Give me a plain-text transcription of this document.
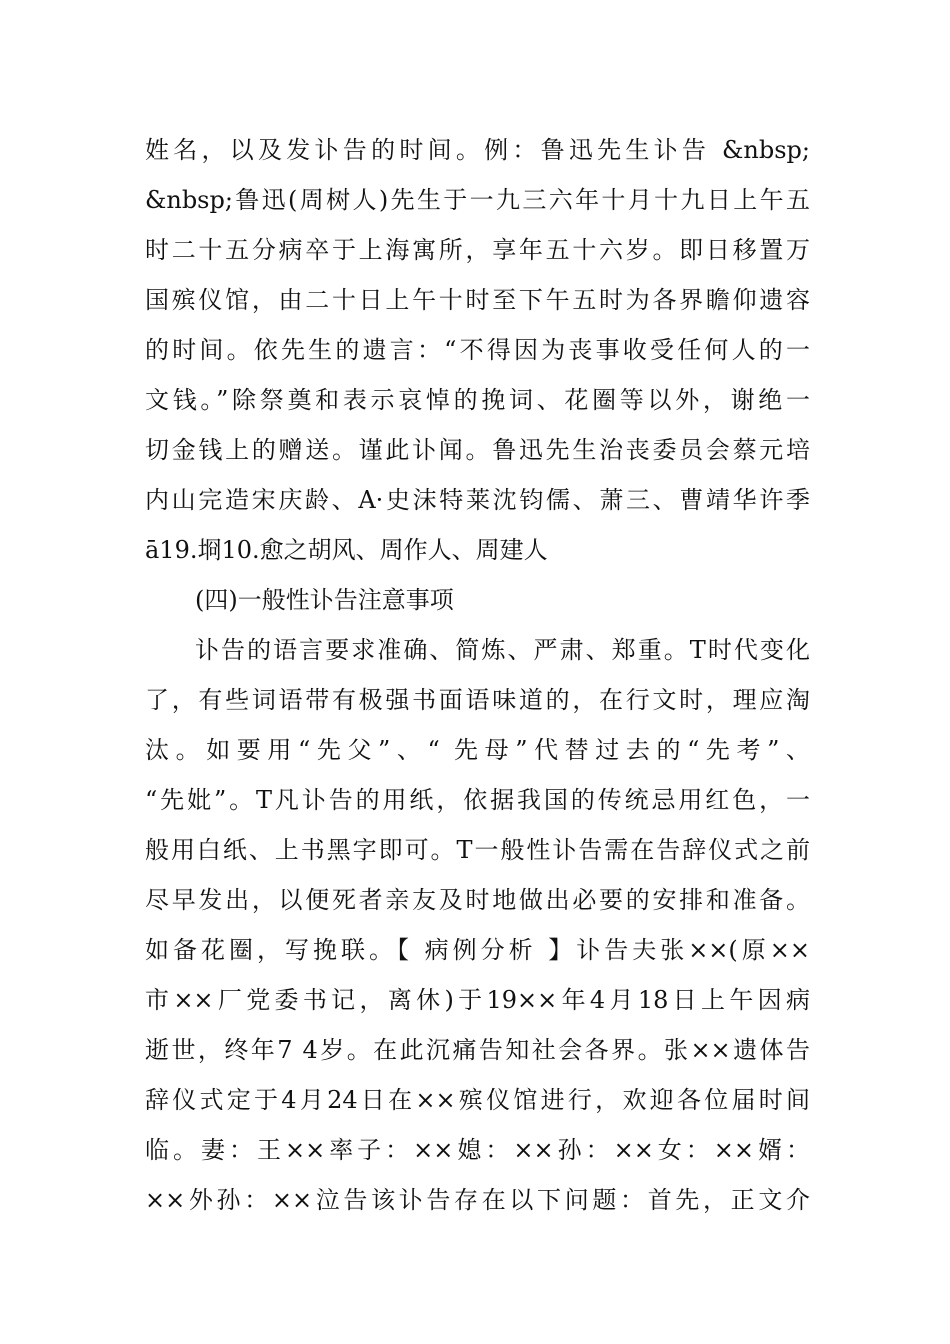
姓名，以及发讣告的时间。例：鲁迅先生讣告 &nbsp;
&nbsp;鲁迅(周树人)先生于一九三六年十月十九日上午五
时二十五分病卒于上海寓所，享年五十六岁。即日移置万
国殡仪馆，由二十日上午十时至下午五时为各界瞻仰遗容
的时间。依先生的遗言：“不得因为丧事收受任何人的一
文钱。”除祭奠和表示哀悼的挽词、花圈等以外，谢绝一
切金钱上的赠送。谨此讣闻。鲁迅先生治丧委员会蔡元培
内山完造宋庆龄、A·史沫特莱沈钧儒、萧三、曹靖华许季
ā19.埛10.愈之胡风、周作人、周建人
(四)一般性讣告注意事项
讣告的语言要求准确、简炼、严肃、郑重。T时代变化
了，有些词语带有极强书面语味道的，在行文时，理应淘
汰。如要用“先父”、“ 先母”代替过去的“先考”、
“先妣”。T凡讣告的用纸，依据我国的传统忌用红色，一
般用白纸、上书黑字即可。T一般性讣告需在告辞仪式之前
尽早发出，以便死者亲友及时地做出必要的安排和准备。
如备花圈，写挽联。【 病例分析 】讣告夫张××(原××
市××厂党委书记，离休)于19××年4月18日上午因病
逝世，终年7 4岁。在此沉痛告知社会各界。张××遗体告
辞仪式定于4月24日在××殡仪馆进行，欢迎各位届时间
临。妻：王××率子：××媳：××孙：××女：××婿：
××外孙：××泣告该讣告存在以下问题：首先，正文介
